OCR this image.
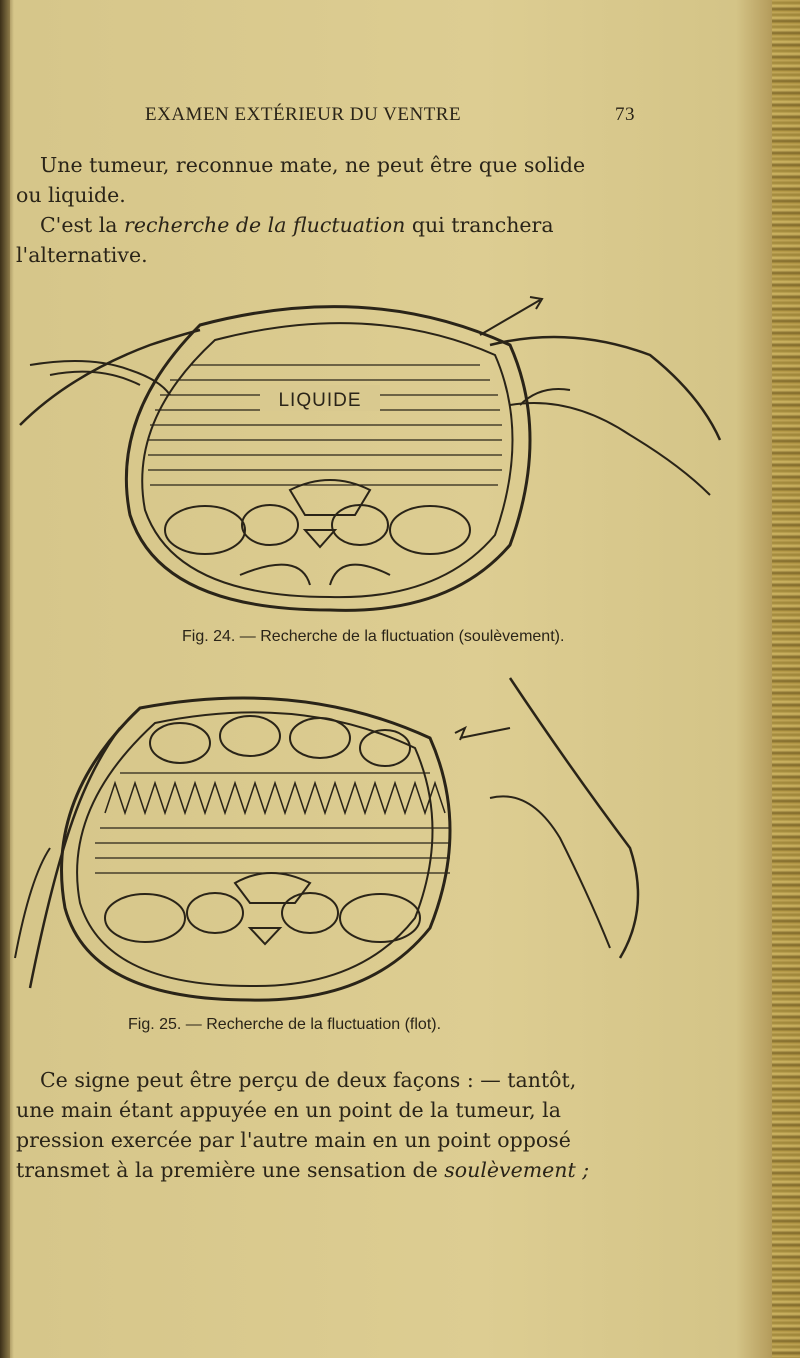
EXAMEN EXTÉRIEUR DU VENTRE	73

Une tumeur, reconnue mate, ne peut être que solide

ou liquide.

C'est la recherche de la fluctuation qui tranchera

l'alternative.

LIQUIDE
Fig. 24. — Recherche de la fluctuation (soulèvement).
Fig. 25. — Recherche de la fluctuation (flot).

Ce signe peut être perçu de deux façons : — tantôt,

une main étant appuyée en un point de la tumeur, la

pression exercée par l'autre main en un point opposé

transmet à la première une sensation de soulèvement ;
